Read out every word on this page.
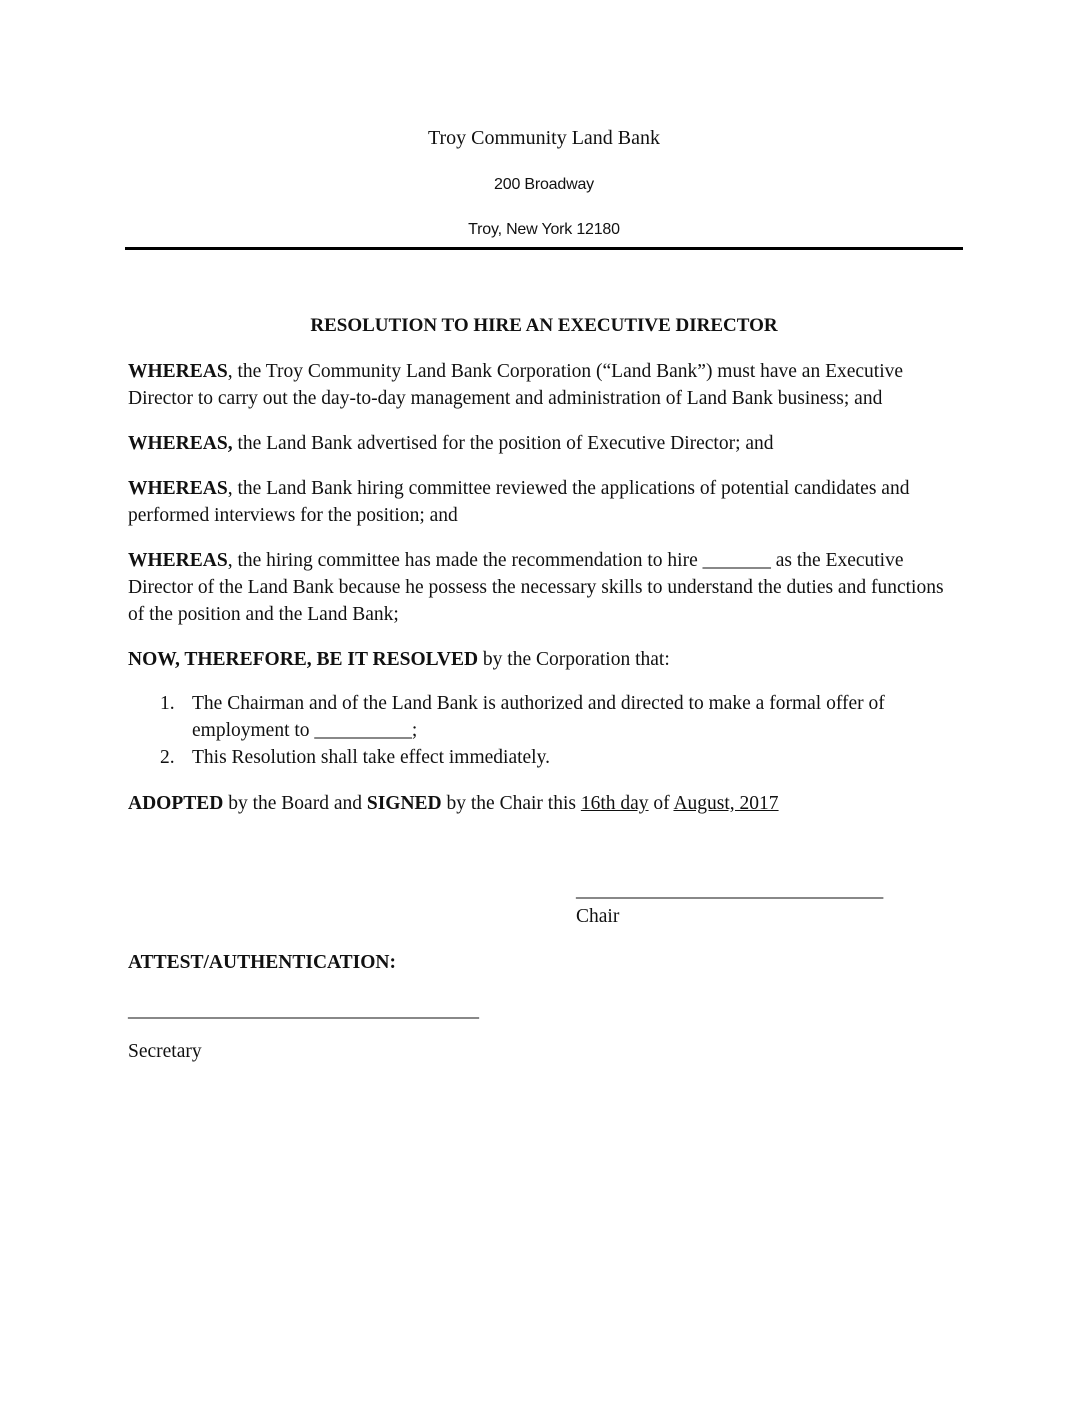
Troy Community Land Bank
200 Broadway
Troy, New York 12180
RESOLUTION TO HIRE AN EXECUTIVE DIRECTOR
WHEREAS, the Troy Community Land Bank Corporation (“Land Bank”) must have an Executive Director to carry out the day-to-day management and administration of Land Bank business; and
WHEREAS, the Land Bank advertised for the position of Executive Director; and
WHEREAS, the Land Bank hiring committee reviewed the applications of potential candidates and performed interviews for the position; and
WHEREAS, the hiring committee has made the recommendation to hire _______ as the Executive Director of the Land Bank because he possess the necessary skills to understand the duties and functions of the position and the Land Bank;
NOW, THEREFORE, BE IT RESOLVED by the Corporation that:
1. The Chairman and of the Land Bank is authorized and directed to make a formal offer of employment to __________;
2. This Resolution shall take effect immediately.
ADOPTED by the Board and SIGNED by the Chair this 16th day of August, 2017
___________________________________
Chair
ATTEST/AUTHENTICATION:
________________________________________
Secretary
